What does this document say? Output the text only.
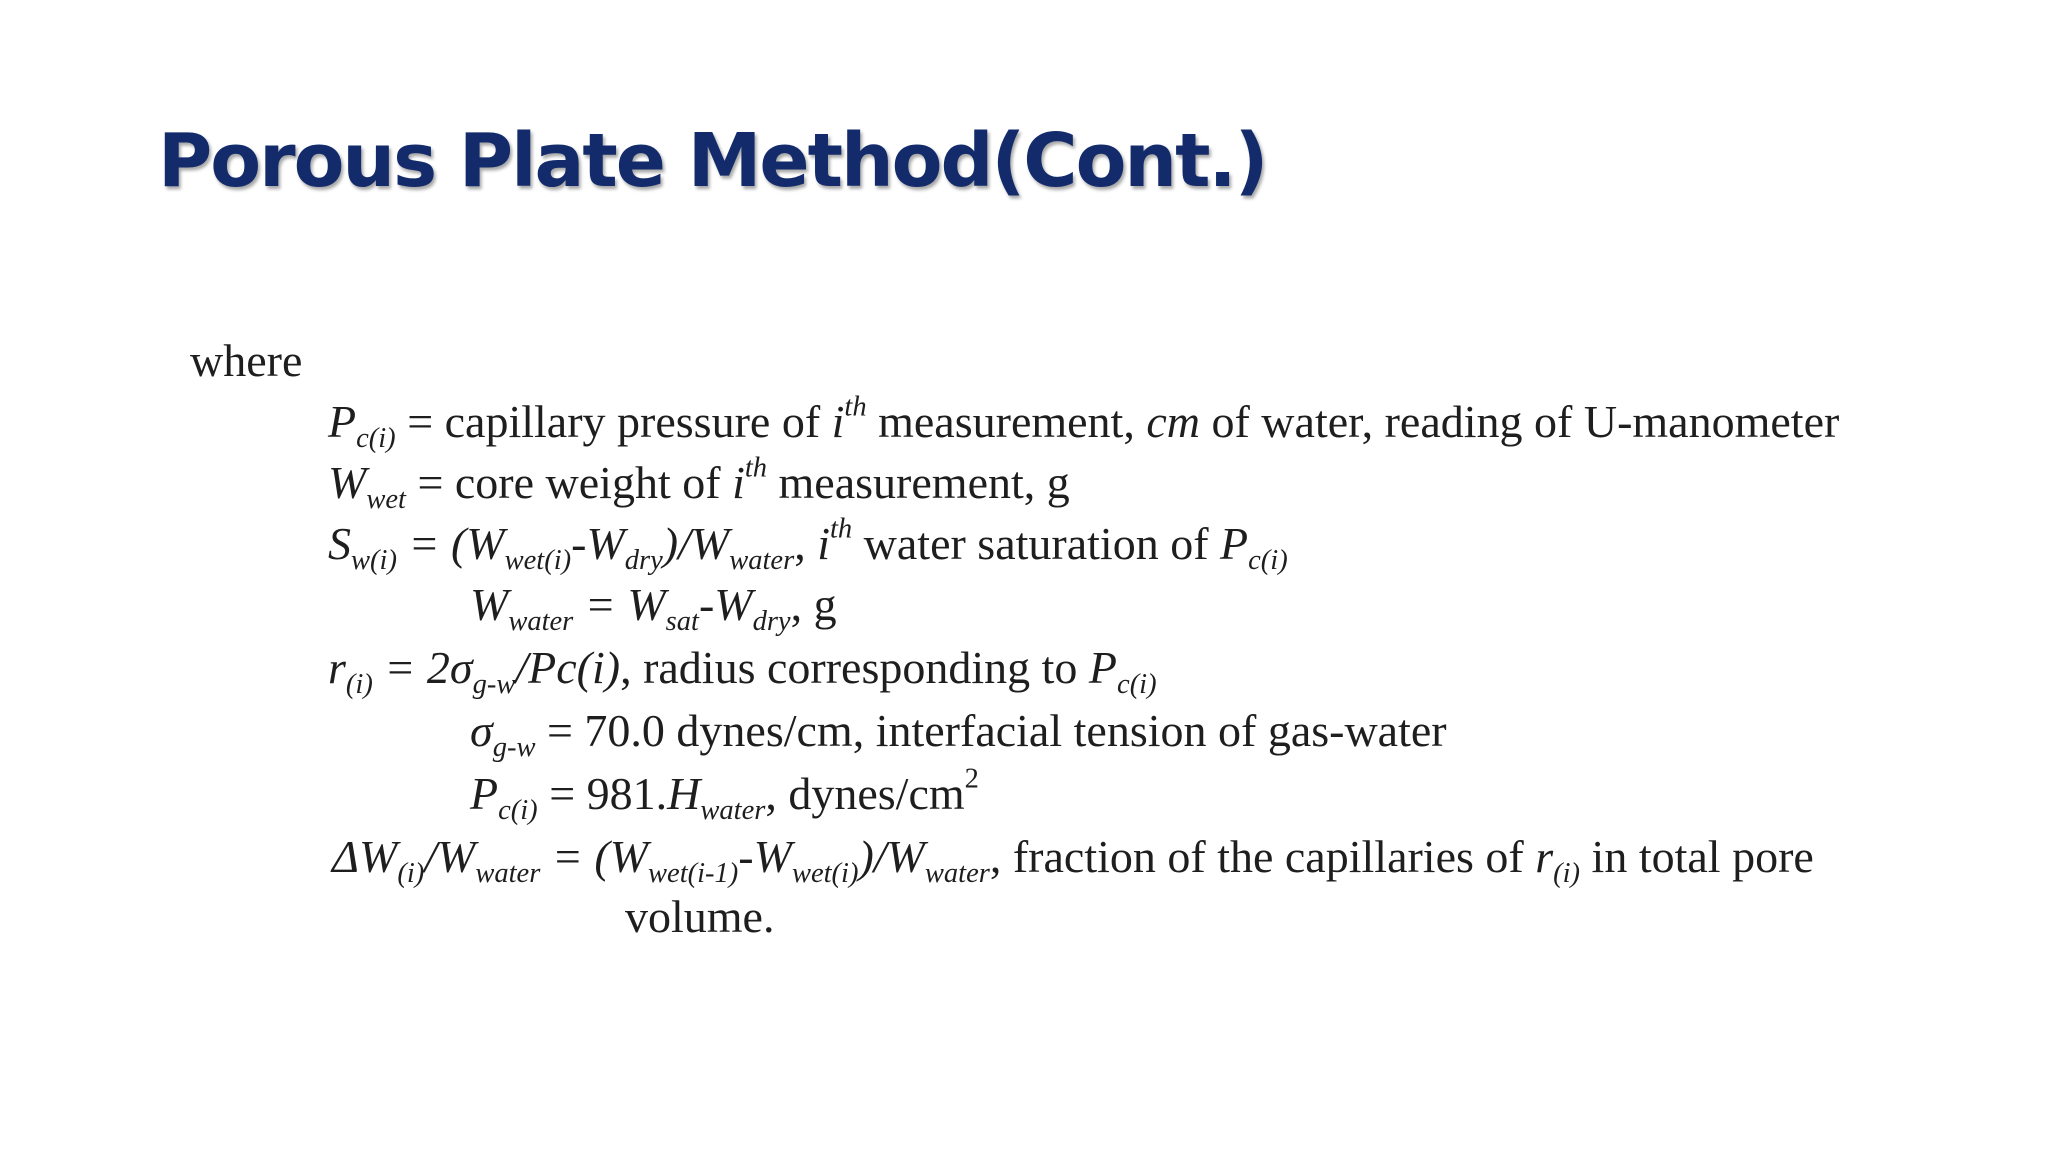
Porous Plate Method(Cont.)
where
$P_{c(i)}$ = capillary pressure of $i^{th}$ measurement, cm of water, reading of U-manometer
$W_{wet}$ = core weight of $i^{th}$ measurement, g
$S_{w(i)} = (W_{wet(i)}-W_{dry})/W_{water}$, $i^{th}$ water saturation of $P_{c(i)}$
$W_{water} = W_{sat}-W_{dry}$, g
$r_{(i)} = 2\sigma_{g-w}/Pc(i)$, radius corresponding to $P_{c(i)}$
$\sigma_{g-w} = 70.0$ dynes/cm, interfacial tension of gas-water
$P_{c(i)} = 981.H_{water}$, dynes/$cm^2$
$\Delta W_{(i)}/W_{water} = (W_{wet(i-1)}-W_{wet(i)})/W_{water}$, fraction of the capillaries of $r_{(i)}$ in total pore
volume.
